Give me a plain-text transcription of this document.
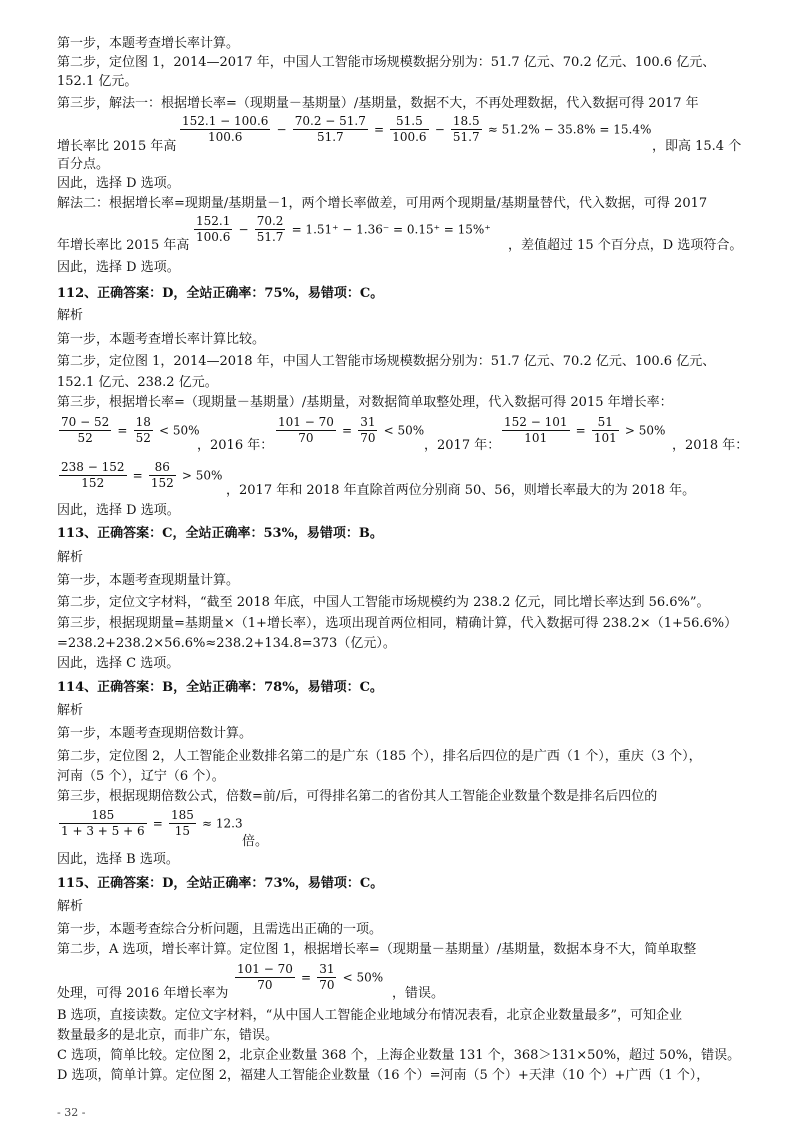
第一步，本题考查增长率计算。
第二步，定位图 1，2014—2017 年，中国人工智能市场规模数据分别为：51.7 亿元、70.2 亿元、100.6 亿元、
152.1 亿元。
第三步，解法一：根据增长率=（现期量－基期量）/基期量，数据不大，不再处理数据，代入数据可得 2017 年
增长率比 2015 年高
$\frac{152.1 - 100.6}{100.6} - \frac{70.2 - 51.7}{51.7} = \frac{51.5}{100.6} - \frac{18.5}{51.7} \approx 51.2\% - 35.8\% = 15.4\%$
，即高 15.4 个
百分点。
因此，选择 D 选项。
解法二：根据增长率=现期量/基期量－1，两个增长率做差，可用两个现期量/基期量替代，代入数据，可得 2017
年增长率比 2015 年高
$\frac{152.1}{100.6} - \frac{70.2}{51.7} = 1.51^+ - 1.36^- = 0.15^+ = 15\%^+$
，差值超过 15 个百分点，D 选项符合。
因此，选择 D 选项。
112、正确答案：D，全站正确率：75%，易错项：C。
解析
第一步，本题考查增长率计算比较。
第二步，定位图 1，2014—2018 年，中国人工智能市场规模数据分别为：51.7 亿元、70.2 亿元、100.6 亿元、
152.1 亿元、238.2 亿元。
第三步，根据增长率=（现期量－基期量）/基期量，对数据简单取整处理，代入数据可得 2015 年增长率：
$\frac{70 - 52}{52} = \frac{18}{52} < 50\%$
，2016 年： $\frac{101 - 70}{70} = \frac{31}{70} < 50\%$
，2017 年： $\frac{152 - 101}{101} = \frac{51}{101} > 50\%$
，2018 年：
$\frac{238 - 152}{152} = \frac{86}{152} > 50\%$
，2017 年和 2018 年直除首两位分别商 50、56，则增长率最大的为 2018 年。
因此，选择 D 选项。
113、正确答案：C，全站正确率：53%，易错项：B。
解析
第一步，本题考查现期量计算。
第二步，定位文字材料，“截至 2018 年底，中国人工智能市场规模约为 238.2 亿元，同比增长率达到 56.6%”。
第三步，根据现期量=基期量×（1+增长率），选项出现首两位相同，精确计算，代入数据可得 238.2×（1+56.6%）
=238.2+238.2×56.6%≈238.2+134.8=373（亿元）。
因此，选择 C 选项。
114、正确答案：B，全站正确率：78%，易错项：C。
解析
第一步，本题考查现期倍数计算。
第二步，定位图 2，人工智能企业数排名第二的是广东（185 个），排名后四位的是广西（1 个），重庆（3 个），
河南（5 个），辽宁（6 个）。
第三步，根据现期倍数公式，倍数=前/后，可得排名第二的省份其人工智能企业数量个数是排名后四位的
$\frac{185}{1 + 3 + 5 + 6} = \frac{185}{15} \approx 12.3$
倍。
因此，选择 B 选项。
115、正确答案：D，全站正确率：73%，易错项：C。
解析
第一步，本题考查综合分析问题，且需选出正确的一项。
第二步，A 选项，增长率计算。定位图 1，根据增长率=（现期量－基期量）/基期量，数据本身不大，简单取整
处理，可得 2016 年增长率为
$\frac{101 - 70}{70} = \frac{31}{70} < 50\%$
，错误。
B 选项，直接读数。定位文字材料，“从中国人工智能企业地域分布情况表看，北京企业数量最多”，可知企业
数量最多的是北京，而非广东，错误。
C 选项，简单比较。定位图 2，北京企业数量 368 个，上海企业数量 131 个，368＞131×50%，超过 50%，错误。
D 选项，简单计算。定位图 2，福建人工智能企业数量（16 个）=河南（5 个）+天津（10 个）+广西（1 个），
- 32 -
